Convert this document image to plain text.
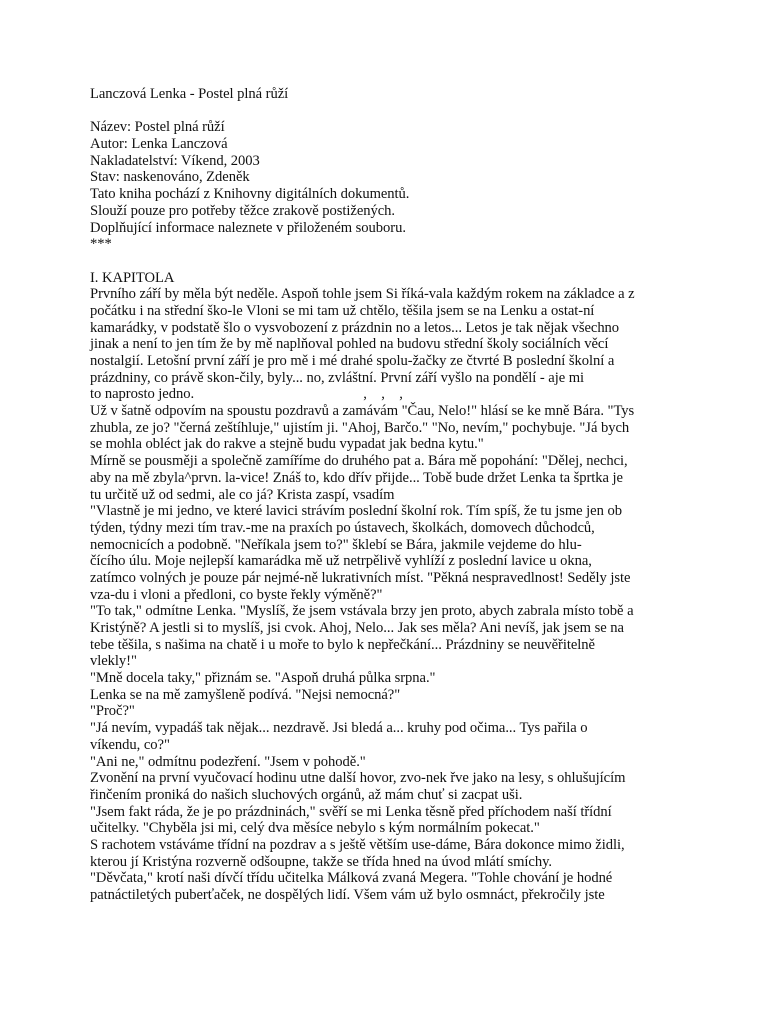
Lanczová Lenka - Postel plná růží
Název: Postel plná růží
Autor: Lenka Lanczová
Nakladatelství: Víkend, 2003
Stav: naskenováno, Zdeněk
Tato kniha pochází z Knihovny digitálních dokumentů.
Slouží pouze pro potřeby těžce zrakově postižených.
Doplňující informace naleznete v přiloženém souboru.
***
I. KAPITOLA
Prvního září by měla být neděle. Aspoň tohle jsem Si říká-vala každým rokem na základce a z
počátku i na střední ško-le Vloni se mi tam už chtělo, těšila jsem se na Lenku a ostat-ní
kamarádky, v podstatě šlo o vysvobození z prázdnin no a letos... Letos je tak nějak všechno
jinak a není to jen tím že by mě naplňoval pohled na budovu střední školy sociálních věcí
nostalgií. Letošní první září je pro mě i mé drahé spolu-žačky ze čtvrté B poslední školní a
prázdniny, co právě skon-čily, byly... no, zvláštní. První září vyšlo na pondělí - aje mi
to naprosto jedno.                                               ,    ,    ,
Už v šatně odpovím na spoustu pozdravů a zamávám "Čau, Nelo!" hlásí se ke mně Bára. "Tys
zhubla, ze jo? "černá zeštíhluje," ujistím ji. "Ahoj, Barčo." "No, nevím," pochybuje. "Já bych
se mohla obléct jak do rakve a stejně budu vypadat jak bedna kytu."
Mírně se pousměji a společně zamíříme do druhého pat a. Bára mě popohání: "Dělej, nechci,
aby na mě zbyla^prvn. la-vice! Znáš to, kdo dřív přijde... Tobě bude držet Lenka ta šprtka je
tu určitě už od sedmi, ale co já? Krista zaspí, vsadím
"Vlastně je mi jedno, ve které lavici strávím poslední školní rok. Tím spíš, že tu jsme jen ob
týden, týdny mezi tím trav.-me na praxích po ústavech, školkách, domovech důchodců,
nemocnicích a podobně. "Neříkala jsem to?" šklebí se Bára, jakmile vejdeme do hlu-
čícího úlu. Moje nejlepší kamarádka mě už netrpělivě vyhlíží z poslední lavice u okna,
zatímco volných je pouze pár nejmé-ně lukrativních míst. "Pěkná nespravedlnost! Seděly jste
vza-du i vloni a předloni, co byste řekly výměně?"
"To tak," odmítne Lenka. "Myslíš, že jsem vstávala brzy jen proto, abych zabrala místo tobě a
Kristýně? A jestli si to myslíš, jsi cvok. Ahoj, Nelo... Jak ses měla? Ani nevíš, jak jsem se na
tebe těšila, s našima na chatě i u moře to bylo k nepřečkání... Prázdniny se neuvěřitelně
vlekly!"
"Mně docela taky," přiznám se. "Aspoň druhá půlka srpna."
Lenka se na mě zamyšleně podívá. "Nejsi nemocná?"
"Proč?"
"Já nevím, vypadáš tak nějak... nezdravě. Jsi bledá a... kruhy pod očima... Tys pařila o
víkendu, co?"
"Ani ne," odmítnu podezření. "Jsem v pohodě."
Zvonění na první vyučovací hodinu utne další hovor, zvo-nek řve jako na lesy, s ohlušujícím
řinčením proniká do našich sluchových orgánů, až mám chuť si zacpat uši.
"Jsem fakt ráda, že je po prázdninách," svěří se mi Lenka těsně před příchodem naší třídní
učitelky. "Chyběla jsi mi, celý dva měsíce nebylo s kým normálním pokecat."
S rachotem vstáváme třídní na pozdrav a s ještě větším use-dáme, Bára dokonce mimo židli,
kterou jí Kristýna rozverně odšoupne, takže se třída hned na úvod mlátí smíchy.
"Děvčata," krotí naši dívčí třídu učitelka Málková zvaná Megera. "Tohle chování je hodné
patnáctiletých puberťaček, ne dospělých lidí. Všem vám už bylo osmnáct, překročily jste
